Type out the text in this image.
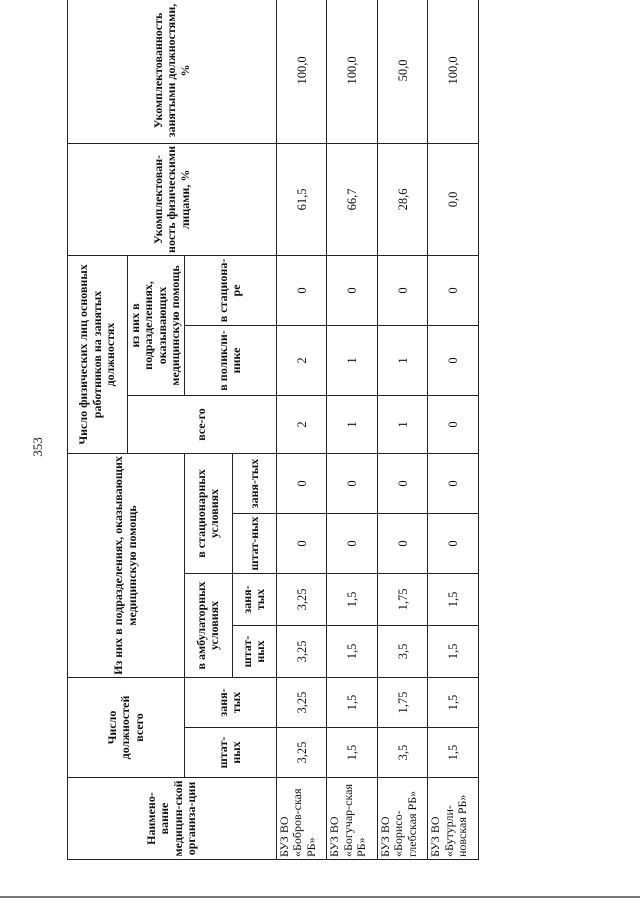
353
Наимено-вание медицин-ской организа-ции	Число должностей всего		Из них в подразделениях, оказывающих медицинскую помощь				Число физических лиц основных работников на занятых должностях			Укомплектован-ность физическими лицами, %	Укомплектованность занятыми должностями, %
							все-го	из них в подразделениях, оказывающих медицинскую помощь			
	штат-ных	заня-тых	в амбулаторных условиях		в стационарных условиях			в поликли-нике	в стациона-ре		
			штат-ных	заня-тых	штат-ных	заня-тых					
БУЗ ВО «Бобров-ская РБ»	3,25	3,25	3,25	3,25	0	0	2	2	0	61,5	100,0
БУЗ ВО «Богучар-ская РБ»	1,5	1,5	1,5	1,5	0	0	1	1	0	66,7	100,0
БУЗ ВО «Борисо-глебская РБ»	3,5	1,75	3,5	1,75	0	0	1	1	0	28,6	50,0
БУЗ ВО «Бутурли-новская РБ»	1,5	1,5	1,5	1,5	0	0	0	0	0	0,0	100,0
